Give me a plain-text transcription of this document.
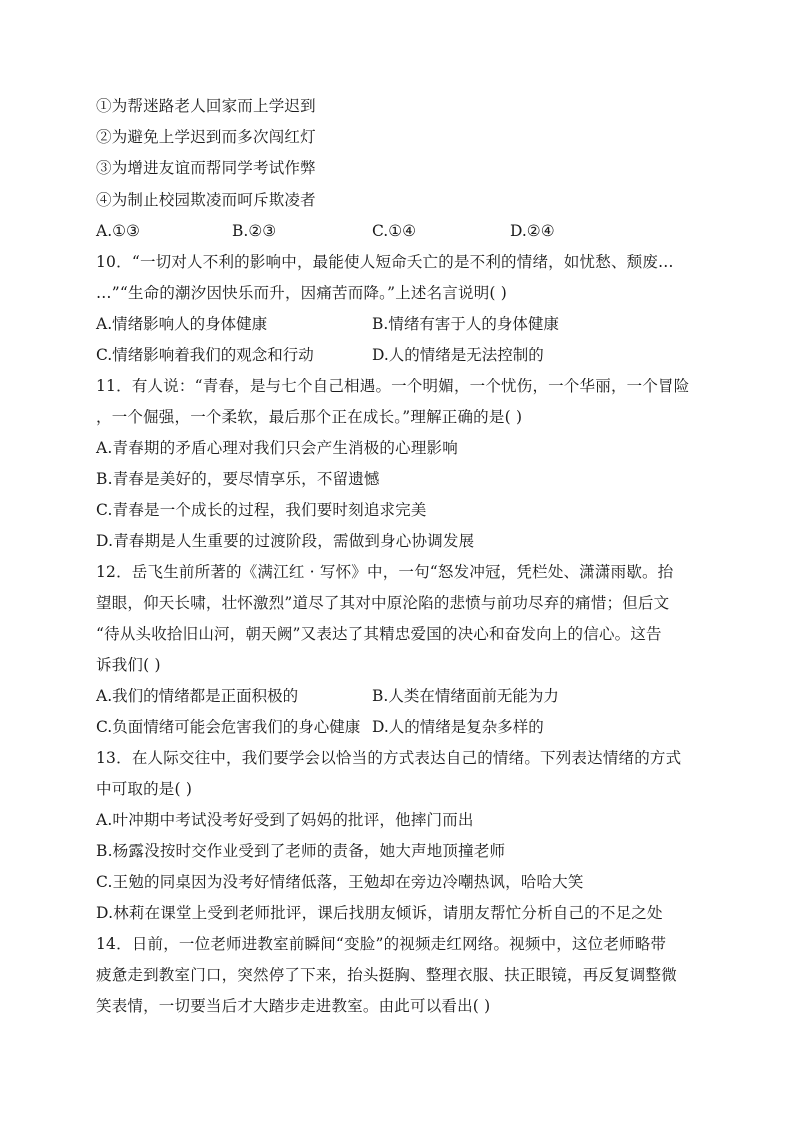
①为帮迷路老人回家而上学迟到
②为避免上学迟到而多次闯红灯
③为增进友谊而帮同学考试作弊
④为制止校园欺凌而呵斥欺凌者
A.①③	B.②③	C.①④	D.②④
10．“一切对人不利的影响中，最能使人短命夭亡的是不利的情绪，如忧愁、颓废…
…”“生命的潮汐因快乐而升，因痛苦而降。”上述名言说明( )
A.情绪影响人的身体健康	B.情绪有害于人的身体健康
C.情绪影响着我们的观念和行动	D.人的情绪是无法控制的
11．有人说：“青春，是与七个自己相遇。一个明媚，一个忧伤，一个华丽，一个冒险
，一个倔强，一个柔软，最后那个正在成长。”理解正确的是( )
A.青春期的矛盾心理对我们只会产生消极的心理影响
B.青春是美好的，要尽情享乐，不留遗憾
C.青春是一个成长的过程，我们要时刻追求完美
D.青春期是人生重要的过渡阶段，需做到身心协调发展
12．岳飞生前所著的《满江红 · 写怀》中，一句“怒发冲冠，凭栏处、潇潇雨歇。抬
望眼，仰天长啸，壮怀激烈”道尽了其对中原沦陷的悲愤与前功尽弃的痛惜；但后文
“待从头收拾旧山河，朝天阙”又表达了其精忠爱国的决心和奋发向上的信心。这告
诉我们( )
A.我们的情绪都是正面积极的	B.人类在情绪面前无能为力
C.负面情绪可能会危害我们的身心健康 D.人的情绪是复杂多样的
13．在人际交往中，我们要学会以恰当的方式表达自己的情绪。下列表达情绪的方式
中可取的是( )
A.叶冲期中考试没考好受到了妈妈的批评，他摔门而出
B.杨露没按时交作业受到了老师的责备，她大声地顶撞老师
C.王勉的同桌因为没考好情绪低落，王勉却在旁边冷嘲热讽，哈哈大笑
D.林莉在课堂上受到老师批评，课后找朋友倾诉，请朋友帮忙分析自己的不足之处
14．日前，一位老师进教室前瞬间“变脸”的视频走红网络。视频中，这位老师略带
疲惫走到教室门口，突然停了下来，抬头挺胸、整理衣服、扶正眼镜，再反复调整微
笑表情，一切要当后才大踏步走进教室。由此可以看出( )
